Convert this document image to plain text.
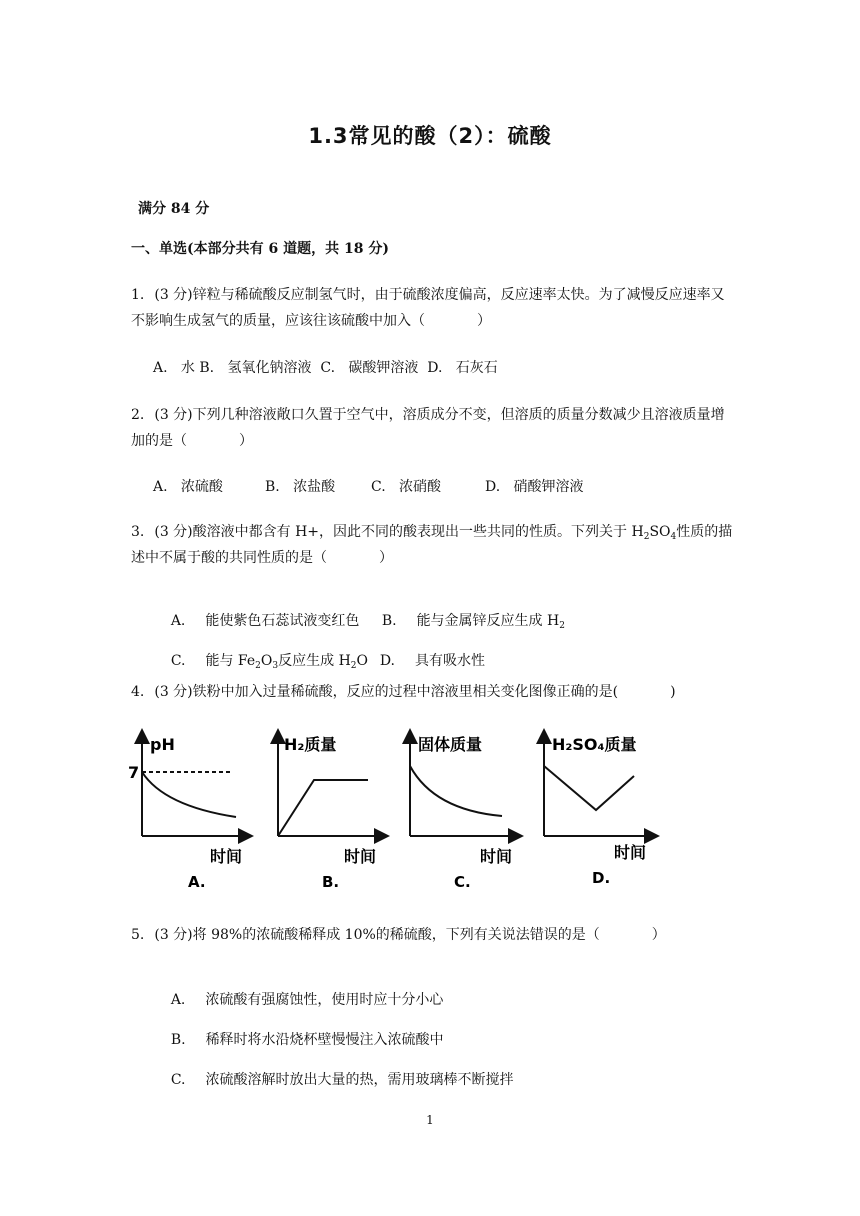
1.3常见的酸（2）：硫酸
满分 84 分
一、单选(本部分共有 6 道题，共 18 分)
1. (3 分)锌粒与稀硫酸反应制氢气时，由于硫酸浓度偏高，反应速率太快。为了减慢反应速率又不影响生成氢气的质量，应该往该硫酸中加入（	）
A.   水 B.   氢氧化钠溶液  C.   碳酸钾溶液  D.   石灰石
2. (3 分)下列几种溶液敞口久置于空气中，溶质成分不变，但溶质的质量分数减少且溶液质量增加的是（	）
A.   浓硫酸	B.   浓盐酸	C.   浓硝酸	D.   硝酸钾溶液
3. (3 分)酸溶液中都含有 H+，因此不同的酸表现出一些共同的性质。下列关于 $H_2SO_4$性质的描述中不属于酸的共同性质的是（	）

A. 能使紫色石蕊试液变红色
	B. 能与金属锌反应生成 $H_2$

C. 能与 $Fe_2O_3$反应生成 $H_2O$
D. 具有吸水性

4. (3 分)铁粉中加入过量稀硫酸，反应的过程中溶液里相关变化图像正确的是(	)
pH
7
时间
A.
H₂质量
时间
B.
固体质量
时间
C.
H₂SO₄质量
时间
D.
5. (3 分)将 98%的浓硫酸稀释成 10%的稀硫酸，下列有关说法错误的是（	）

A. 浓硫酸有强腐蚀性，使用时应十分小心

B. 稀释时将水沿烧杯壁慢慢注入浓硫酸中

C. 浓硫酸溶解时放出大量的热，需用玻璃棒不断搅拌

1
